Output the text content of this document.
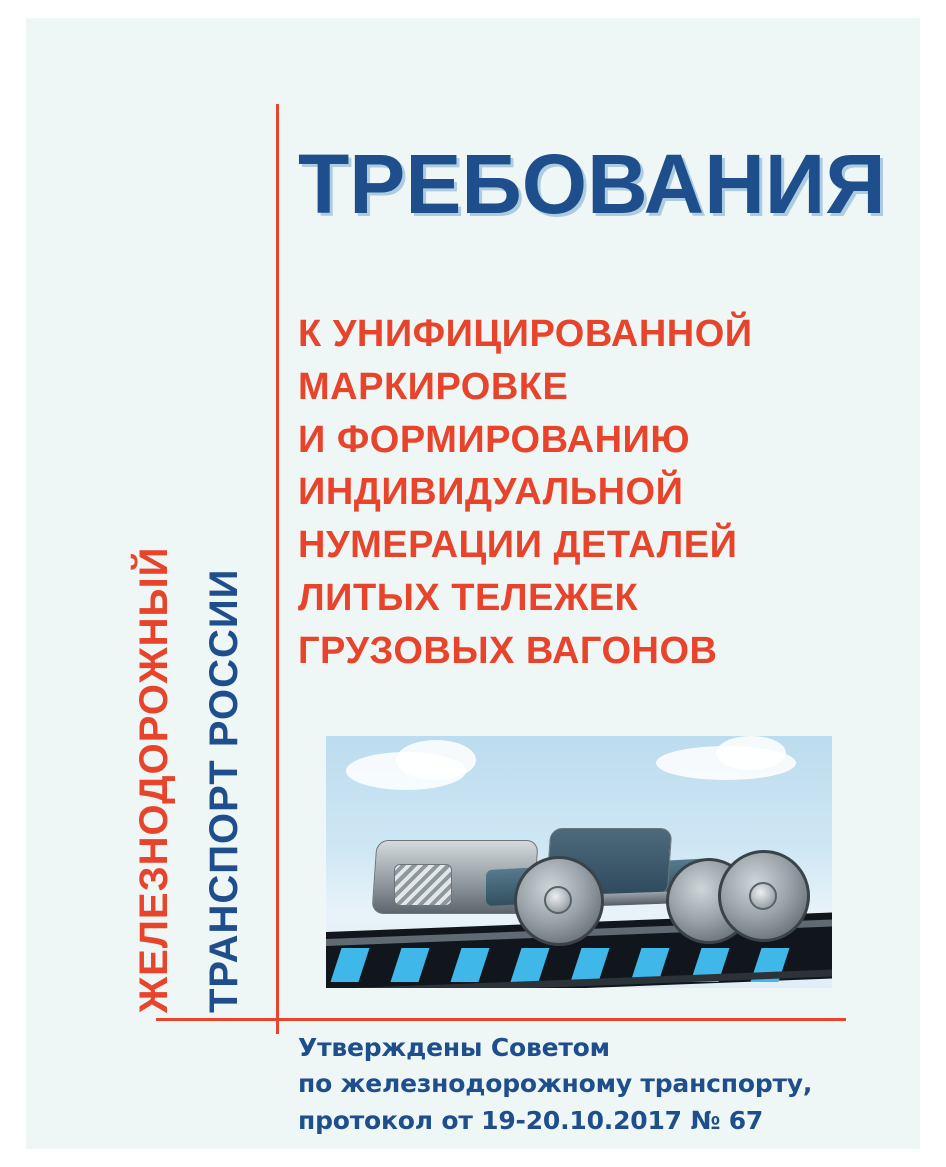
ЖЕЛЕЗНОДОРОЖНЫЙ ТРАНСПОРТ РОССИИ
ТРЕБОВАНИЯ
К УНИФИЦИРОВАННОЙ
МАРКИРОВКЕ
И ФОРМИРОВАНИЮ
ИНДИВИДУАЛЬНОЙ
НУМЕРАЦИИ ДЕТАЛЕЙ
ЛИТЫХ ТЕЛЕЖЕК
ГРУЗОВЫХ ВАГОНОВ
Утверждены Советом
по железнодорожному транспорту,
протокол от 19-20.10.2017 № 67
